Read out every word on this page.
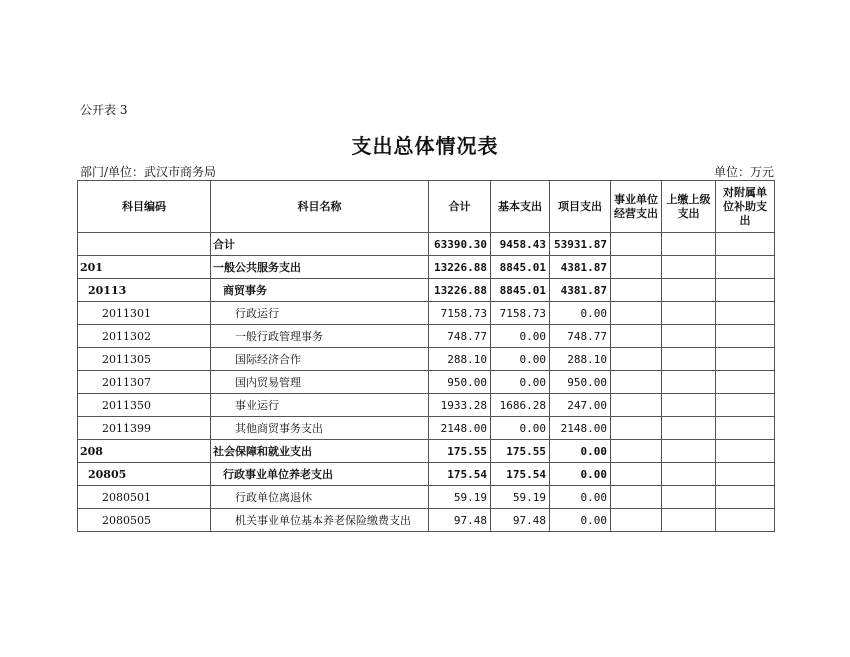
公开表 3
支出总体情况表
部门/单位：武汉市商务局	单位：万元
科目编码	科目名称	合计	基本支出	项目支出	事业单位经营支出	上缴上级支出	对附属单位补助支出
	合计	63390.30	9458.43	53931.87			
201	一般公共服务支出	13226.88	8845.01	4381.87			
20113	商贸事务	13226.88	8845.01	4381.87			
2011301	行政运行	7158.73	7158.73	0.00			
2011302	一般行政管理事务	748.77	0.00	748.77			
2011305	国际经济合作	288.10	0.00	288.10			
2011307	国内贸易管理	950.00	0.00	950.00			
2011350	事业运行	1933.28	1686.28	247.00			
2011399	其他商贸事务支出	2148.00	0.00	2148.00			
208	社会保障和就业支出	175.55	175.55	0.00			
20805	行政事业单位养老支出	175.54	175.54	0.00			
2080501	行政单位离退休	59.19	59.19	0.00			
2080505	机关事业单位基本养老保险缴费支出	97.48	97.48	0.00			
